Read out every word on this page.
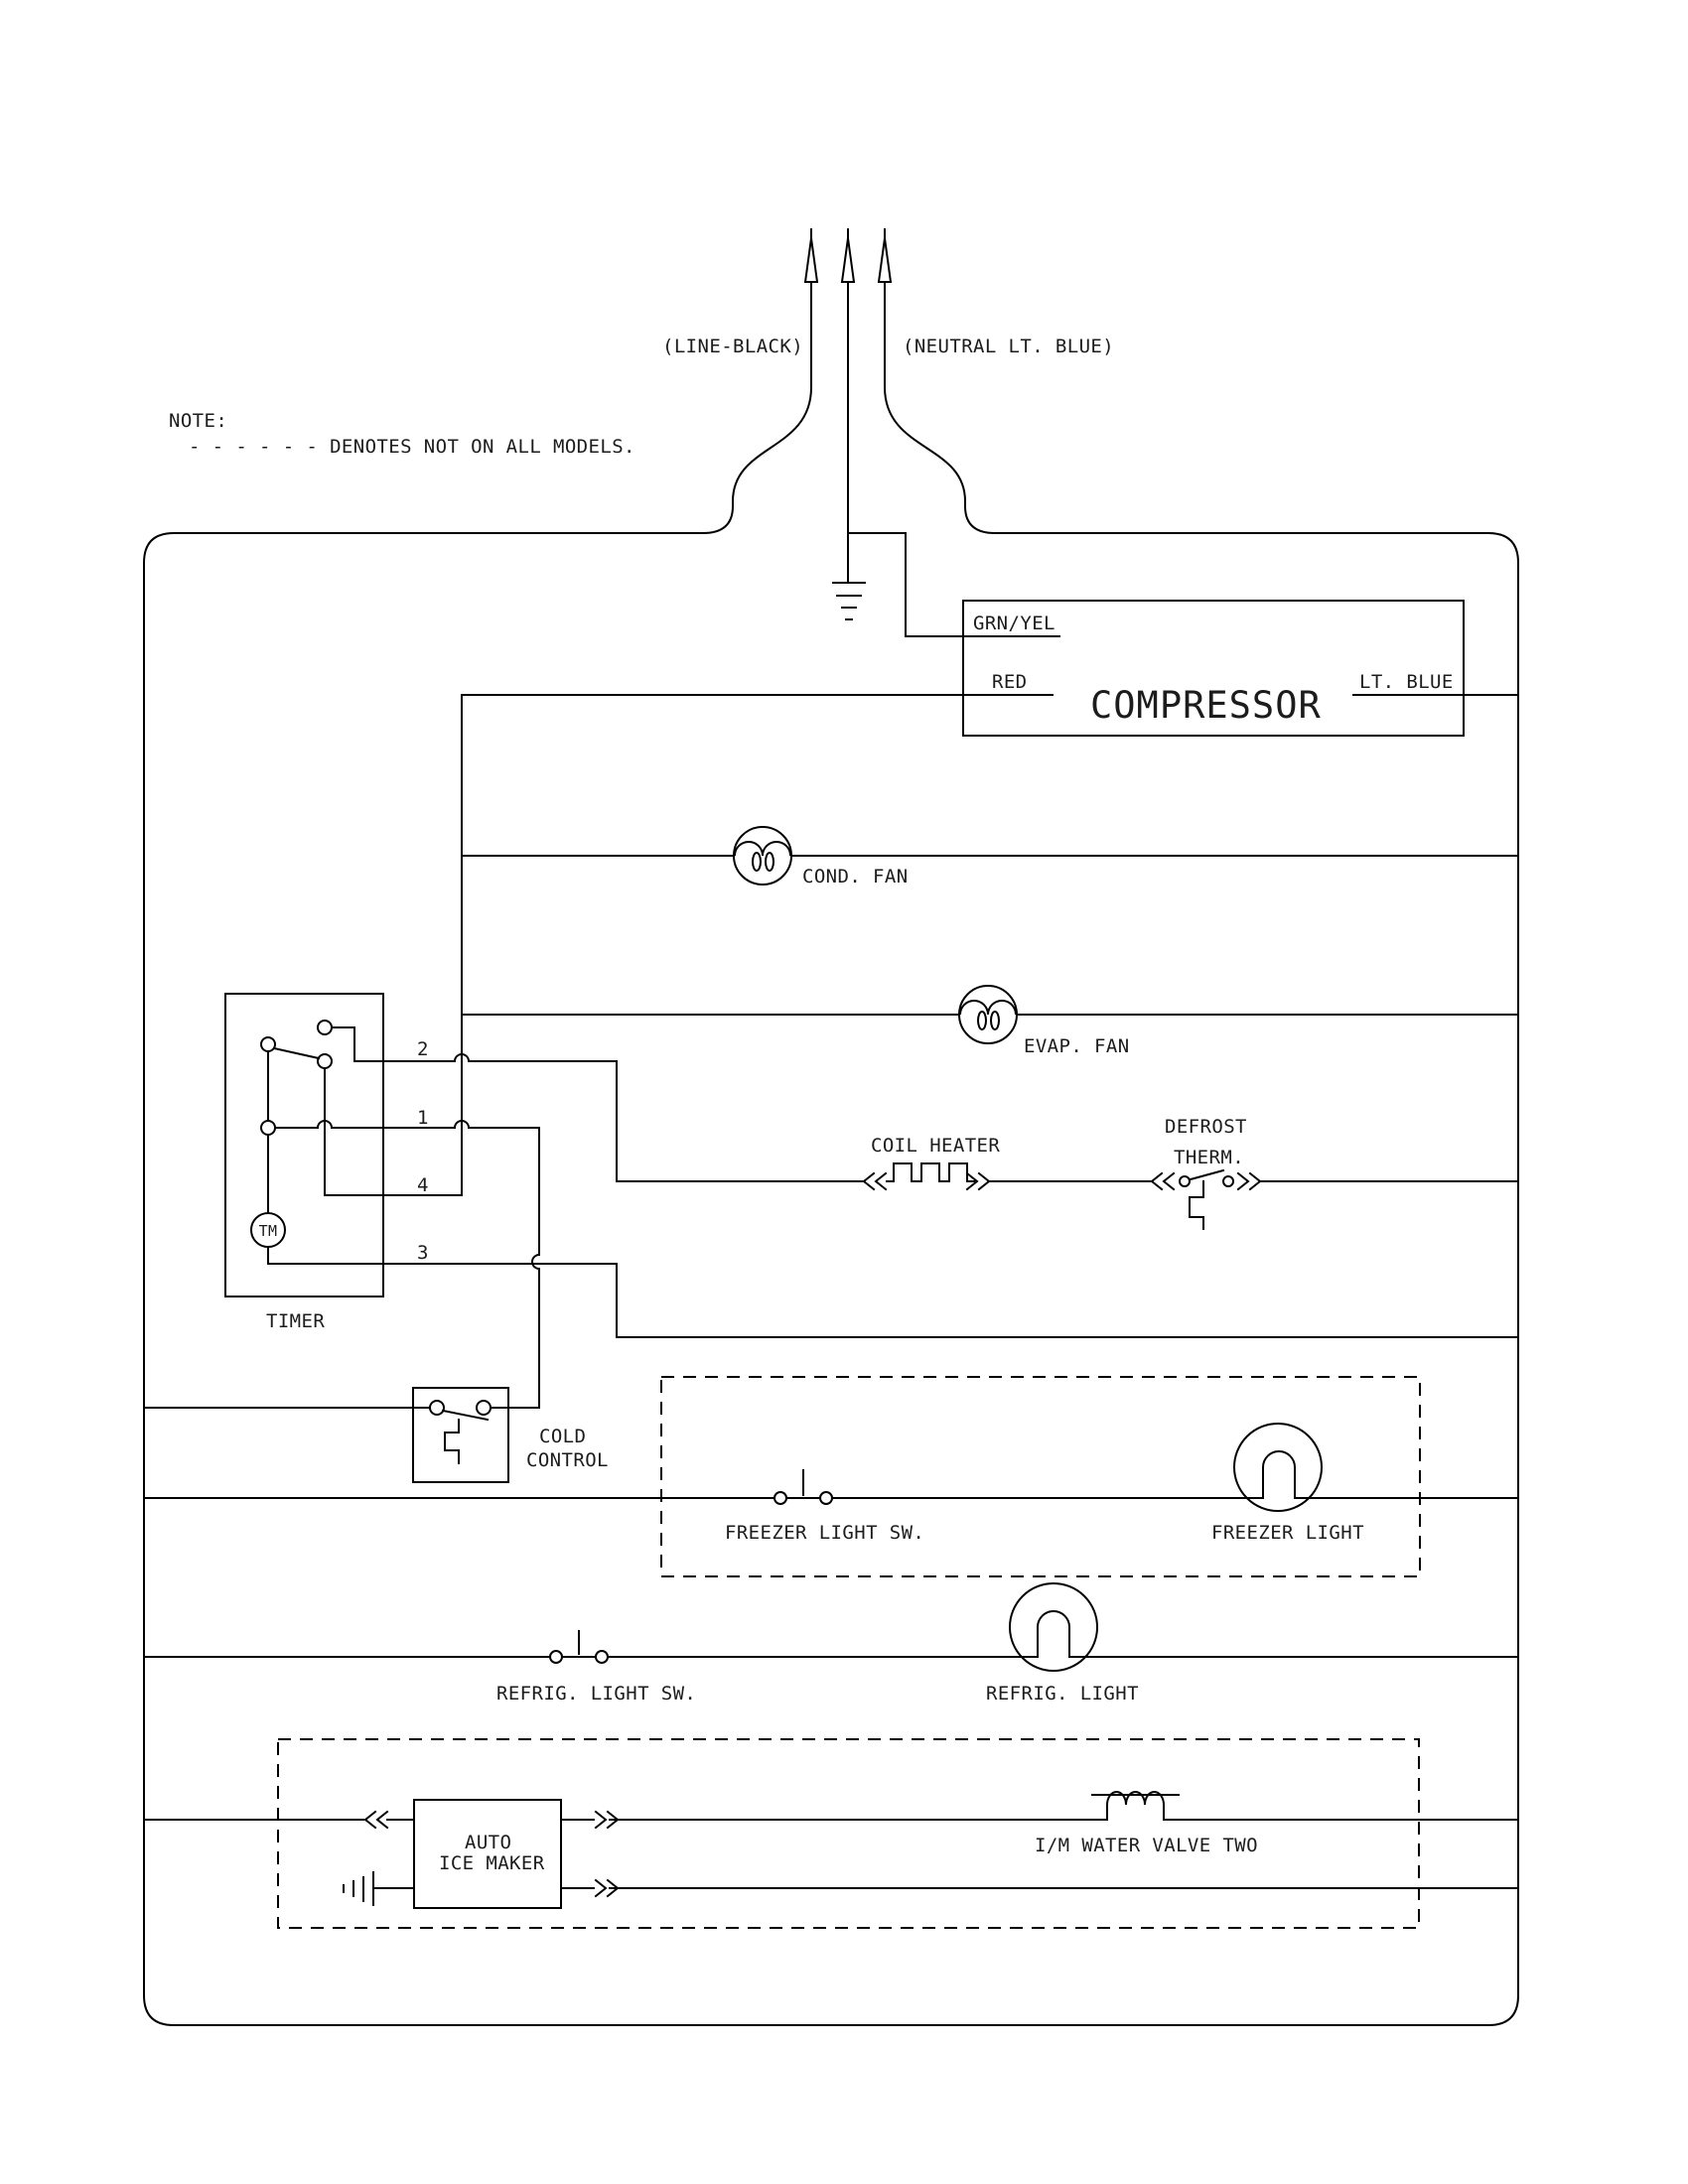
NOTE:
- - - - - - DENOTES NOT ON ALL MODELS.
(LINE-BLACK)	(NEUTRAL LT. BLUE)
GRN/YEL
RED	LT. BLUE
COMPRESSOR
COND. FAN
EVAP. FAN
COIL HEATER
DEFROST
THERM.
2
1
4
3
TM
TIMER
COLD
CONTROL
FREEZER LIGHT SW.	FREEZER LIGHT
REFRIG. LIGHT SW.	REFRIG. LIGHT
AUTO
ICE MAKER
I/M WATER VALVE TWO
